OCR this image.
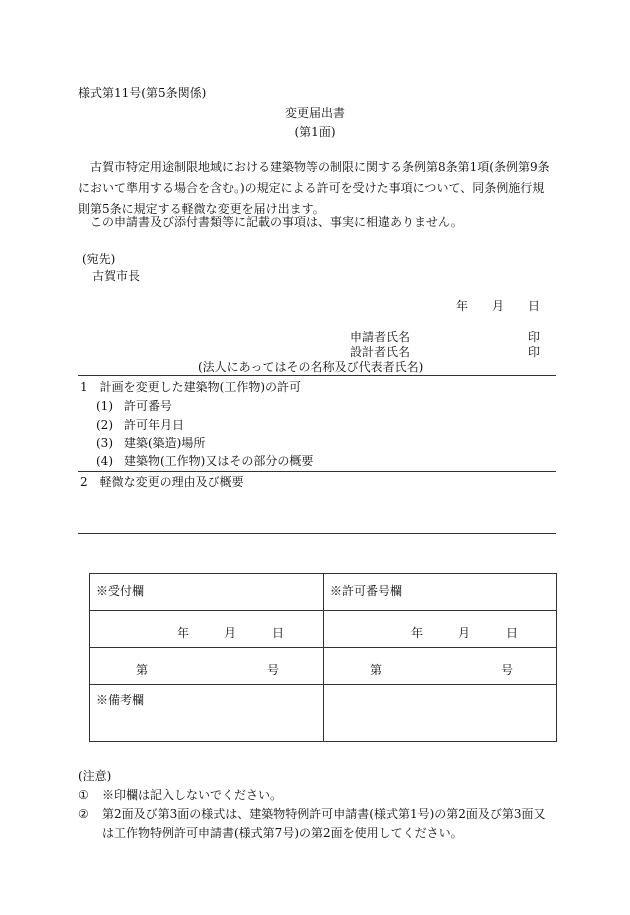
様式第11号(第5条関係)
変更届出書
(第1面)
古賀市特定用途制限地域における建築物等の制限に関する条例第8条第1項(条例第9条において準用する場合を含む。)の規定による許可を受けた事項について、同条例施行規則第5条に規定する軽微な変更を届け出ます。
この申請書及び添付書類等に記載の事項は、事実に相違ありません。
(宛先)
古賀市長
年 月 日
申請者氏名	印
設計者氏名	印
(法人にあってはその名称及び代表者氏名)
1　計画を変更した建築物(工作物)の許可
(1) 許可番号
(2) 許可年月日
(3) 建築(築造)場所
(4) 建築物(工作物)又はその部分の概要
2　軽微な変更の理由及び概要
※受付欄	※許可番号欄

年 月 日	年 月 日

第 号	第 号

※備考欄	

(注意)
①	※印欄は記入しないでください。
②	第2面及び第3面の様式は、建築物特例許可申請書(様式第1号)の第2面及び第3面又は工作物特例許可申請書(様式第7号)の第2面を使用してください。
